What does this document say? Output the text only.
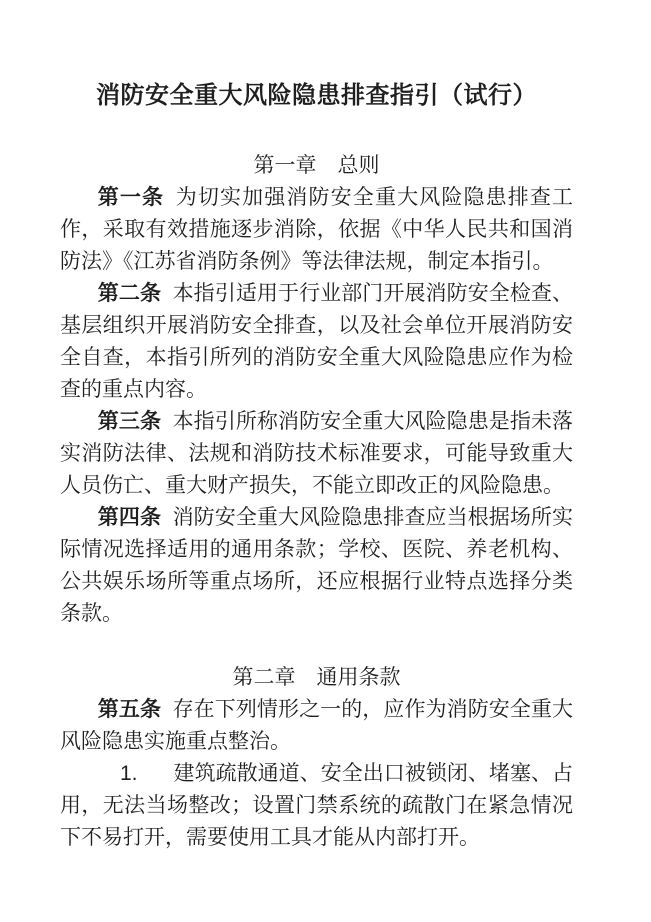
消防安全重大风险隐患排查指引（试行）
第一章　总则

第一条 为切实加强消防安全重大风险隐患排查工作，采取有效措施逐步消除，依据《中华人民共和国消防法》《江苏省消防条例》等法律法规，制定本指引。

第二条 本指引适用于行业部门开展消防安全检查、基层组织开展消防安全排查，以及社会单位开展消防安全自查，本指引所列的消防安全重大风险隐患应作为检查的重点内容。

第三条 本指引所称消防安全重大风险隐患是指未落实消防法律、法规和消防技术标准要求，可能导致重大人员伤亡、重大财产损失，不能立即改正的风险隐患。

第四条 消防安全重大风险隐患排查应当根据场所实际情况选择适用的通用条款；学校、医院、养老机构、公共娱乐场所等重点场所，还应根据行业特点选择分类条款。

第二章　通用条款

第五条 存在下列情形之一的，应作为消防安全重大风险隐患实施重点整治。

1. 建筑疏散通道、安全出口被锁闭、堵塞、占用，无法当场整改；设置门禁系统的疏散门在紧急情况下不易打开，需要使用工具才能从内部打开。
